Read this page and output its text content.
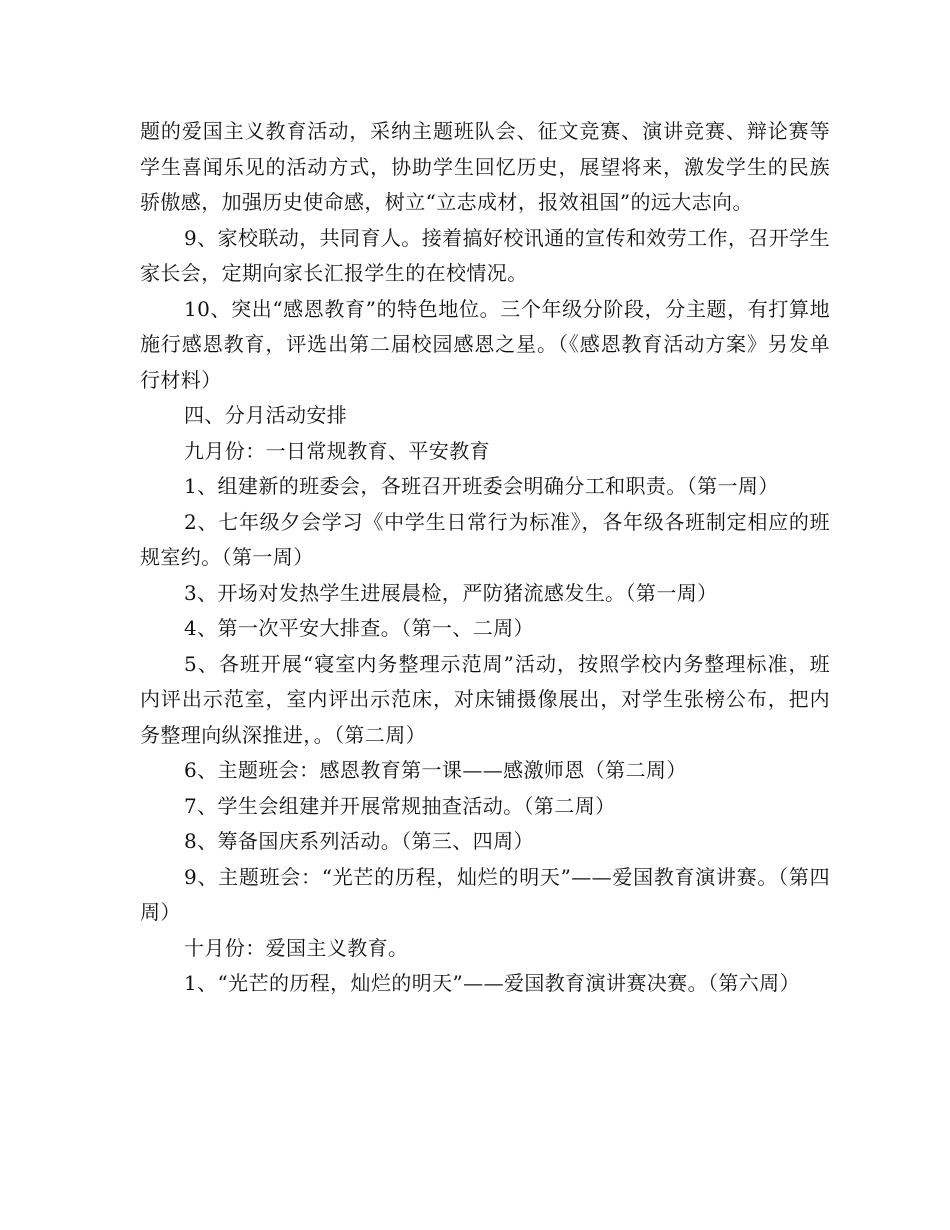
题的爱国主义教育活动，采纳主题班队会、征文竞赛、演讲竞赛、辩论赛等学生喜闻乐见的活动方式，协助学生回忆历史，展望将来，激发学生的民族骄傲感，加强历史使命感，树立“立志成材，报效祖国”的远大志向。

9、家校联动，共同育人。接着搞好校讯通的宣传和效劳工作，召开学生家长会，定期向家长汇报学生的在校情况。

10、突出“感恩教育”的特色地位。三个年级分阶段，分主题，有打算地施行感恩教育，评选出第二届校园感恩之星。（《感恩教育活动方案》另发单行材料）

四、分月活动安排

九月份：一日常规教育、平安教育

1、组建新的班委会，各班召开班委会明确分工和职责。（第一周）

2、七年级夕会学习《中学生日常行为标准》，各年级各班制定相应的班规室约。（第一周）

3、开场对发热学生进展晨检，严防猪流感发生。（第一周）

4、第一次平安大排查。（第一、二周）

5、各班开展“寝室内务整理示范周”活动，按照学校内务整理标准，班内评出示范室，室内评出示范床，对床铺摄像展出，对学生张榜公布，把内务整理向纵深推进，。（第二周）

6、主题班会：感恩教育第一课——感激师恩（第二周）

7、学生会组建并开展常规抽查活动。（第二周）

8、筹备国庆系列活动。（第三、四周）

9、主题班会：“光芒的历程，灿烂的明天”——爱国教育演讲赛。（第四周）

十月份：爱国主义教育。

1、“光芒的历程，灿烂的明天”——爱国教育演讲赛决赛。（第六周）
